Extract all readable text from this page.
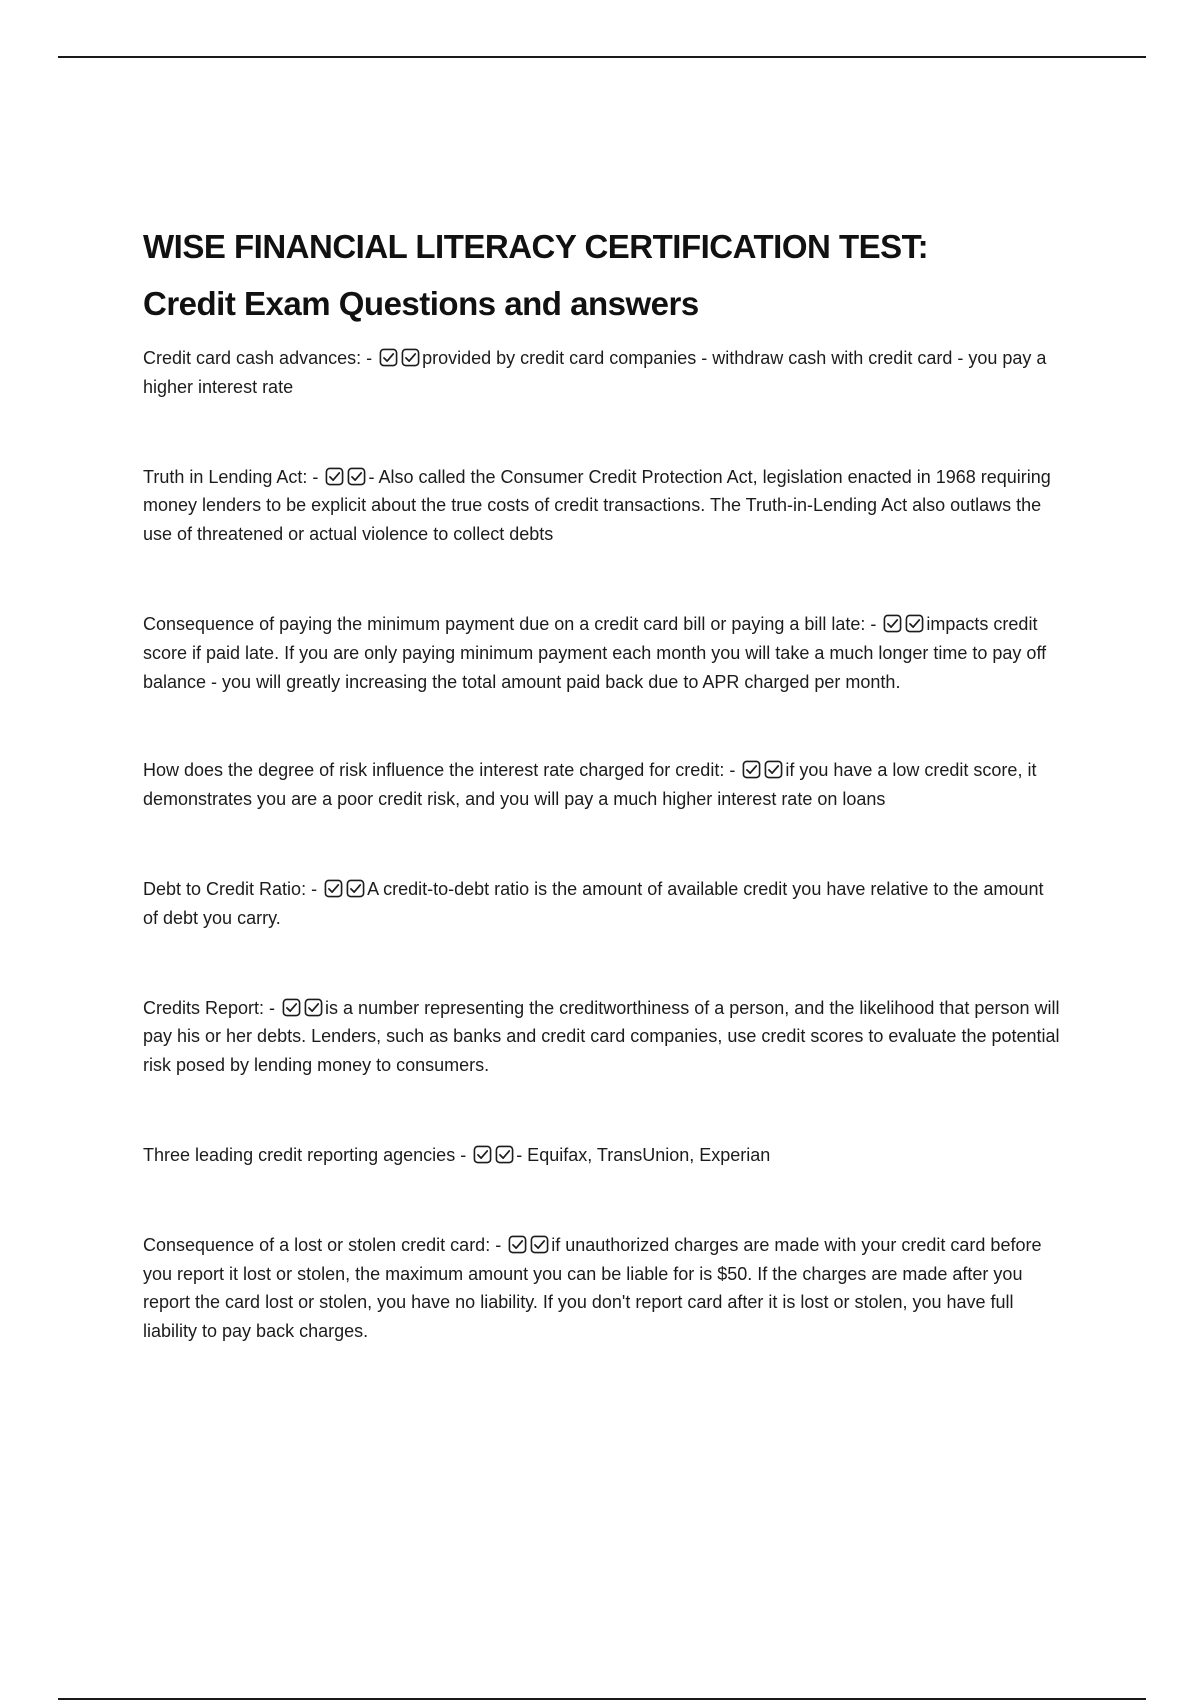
WISE FINANCIAL LITERACY CERTIFICATION TEST:
Credit Exam Questions and answers

Credit card cash advances: -	provided by credit card companies - withdraw cash with credit card - you pay a higher interest rate

Truth in Lending Act: -	- Also called the Consumer Credit Protection Act, legislation enacted in 1968 requiring money lenders to be explicit about the true costs of credit transactions. The Truth-in-Lending Act also outlaws the use of threatened or actual violence to collect debts

Consequence of paying the minimum payment due on a credit card bill or paying a bill late: -	impacts credit score if paid late. If you are only paying minimum payment each month you will take a much longer time to pay off balance - you will greatly increasing the total amount paid back due to APR charged per month.

How does the degree of risk influence the interest rate charged for credit: -	if you have a low credit score, it demonstrates you are a poor credit risk, and you will pay a much higher interest rate on loans

Debt to Credit Ratio: -	A credit-to-debt ratio is the amount of available credit you have relative to the amount of debt you carry.

Credits Report: -	is a number representing the creditworthiness of a person, and the likelihood that person will pay his or her debts. Lenders, such as banks and credit card companies, use credit scores to evaluate the potential risk posed by lending money to consumers.

Three leading credit reporting agencies -	- Equifax, TransUnion, Experian

Consequence of a lost or stolen credit card: -	if unauthorized charges are made with your credit card before you report it lost or stolen, the maximum amount you can be liable for is $50. If the charges are made after you report the card lost or stolen, you have no liability. If you don't report card after it is lost or stolen, you have full liability to pay back charges.
